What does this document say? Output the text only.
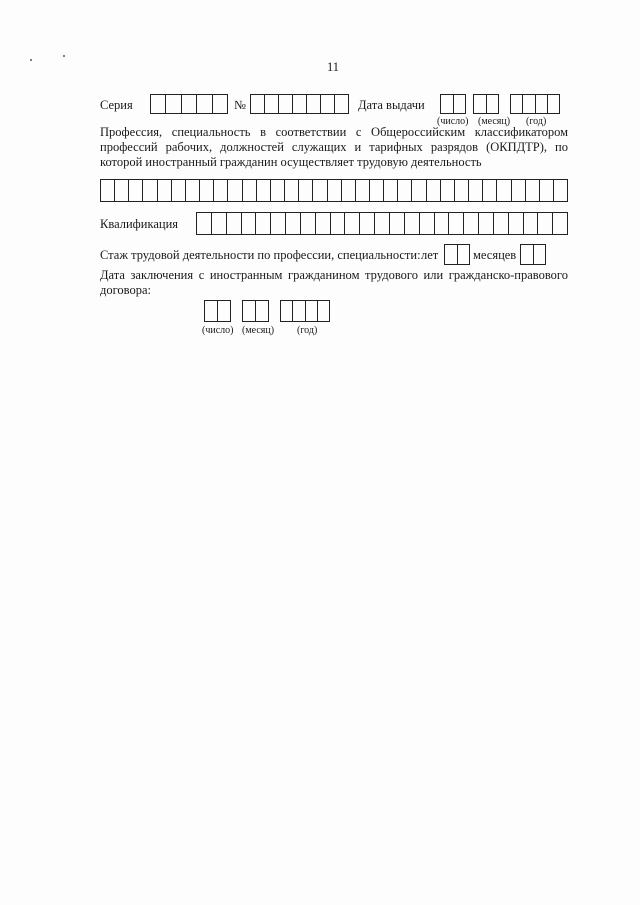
11
Серия	№	Дата выдачи
(число) (месяц) (год)
Профессия, специальность в соответствии с Общероссийским классификатором
профессий рабочих, должностей служащих и тарифных разрядов (ОКПДТР), по
которой иностранный гражданин осуществляет трудовую деятельность
Квалификация
Стаж трудовой деятельности по профессии, специальности: лет	месяцев
Дата заключения с иностранным гражданином трудового или гражданско-правового
договора:
(число) (месяц) (год)
